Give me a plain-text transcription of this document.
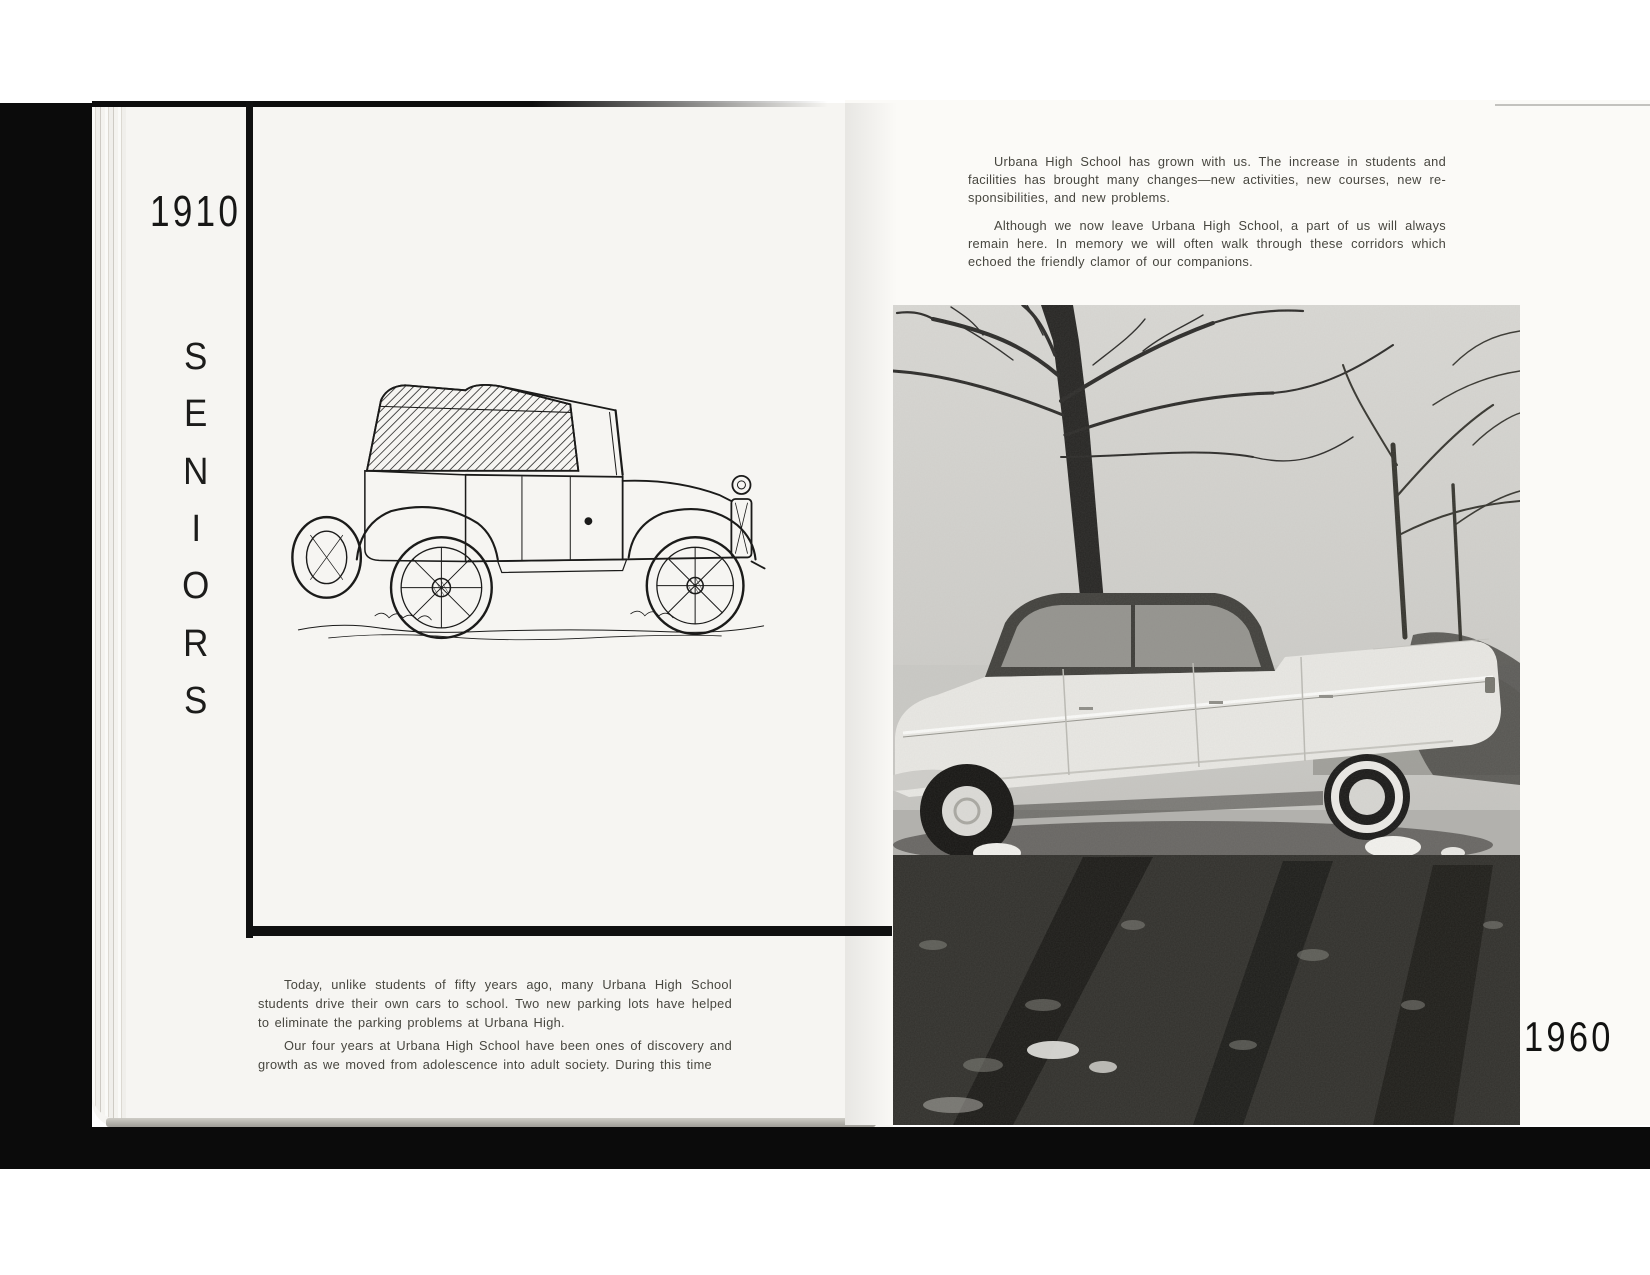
1910
S
E
N
I
O
R
S
1960
Urbana High School has grown with us. The increase in students and
facilities has brought many changes—new activities, new courses, new re-
sponsibilities, and new problems.
Although we now leave Urbana High School, a part of us will always
remain here. In memory we will often walk through these corridors which
echoed the friendly clamor of our companions.
Today, unlike students of fifty years ago, many Urbana High School
students drive their own cars to school. Two new parking lots have helped
to eliminate the parking problems at Urbana High.
Our four years at Urbana High School have been ones of discovery and
growth as we moved from adolescence into adult society. During this time
